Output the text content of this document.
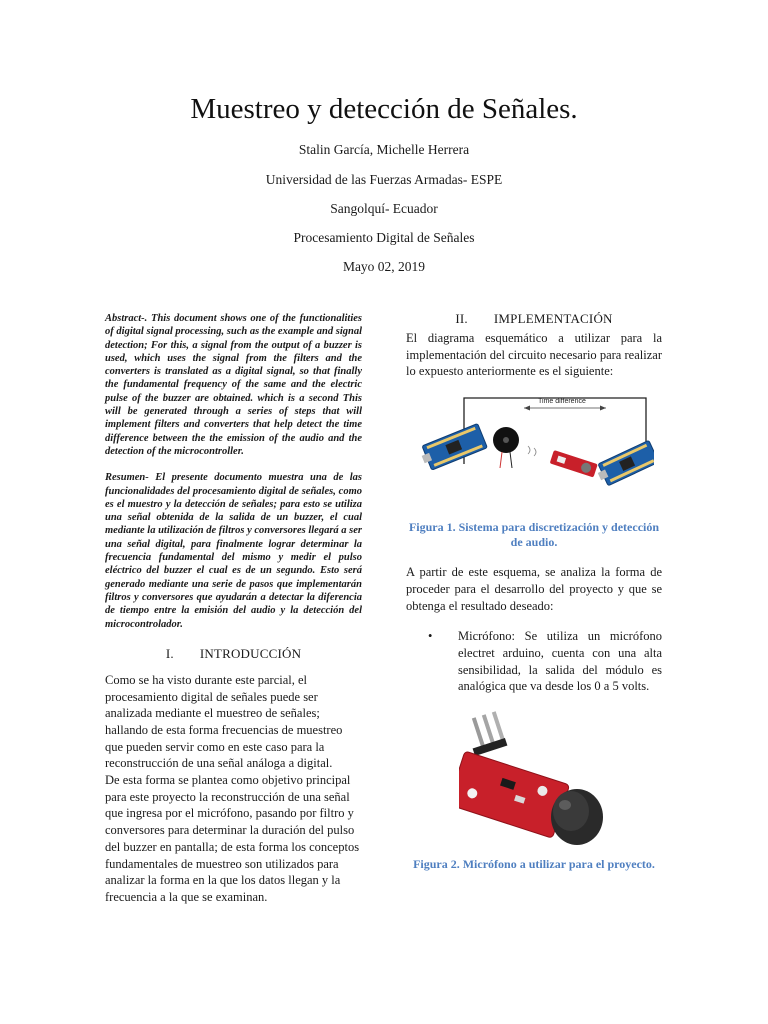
Muestreo y detección de Señales.
Stalin García, Michelle Herrera
Universidad de las Fuerzas Armadas- ESPE
Sangolquí- Ecuador
Procesamiento Digital de Señales
Mayo 02, 2019

Abstract-. This document shows one of the functionalities of digital signal processing, such as the example and signal detection; For this, a signal from the output of a buzzer is used, which uses the signal from the filters and the converters is translated as a digital signal, so that finally the fundamental frequency of the same and the electric pulse of the buzzer are obtained. which is a second This will be generated through a series of steps that will implement filters and converters that help detect the time difference between the the emission of the audio and the detection of the microcontroller.

Resumen- El presente documento muestra una de las funcionalidades del procesamiento digital de señales, como es el muestro y la detección de señales; para esto se utiliza una señal obtenida de la salida de un buzzer, el cual mediante la utilización de filtros y conversores llegará a ser una señal digital, para finalmente lograr determinar la frecuencia fundamental del mismo y medir el pulso eléctrico del buzzer el cual es de un segundo. Esto será generado mediante una serie de pasos que implementarán filtros y conversores que ayudarán a detectar la diferencia de tiempo entre la emisión del audio y la detección del microcontrolador.

I. INTRODUCCIÓN

Como se ha visto durante este parcial, el procesamiento digital de señales puede ser analizada mediante el muestreo de señales; hallando de esta forma frecuencias de muestreo que pueden servir como en este caso para la reconstrucción de una señal análoga a digital.

De esta forma se plantea como objetivo principal para este proyecto la reconstrucción de una señal que ingresa por el micrófono, pasando por filtro y conversores para determinar la duración del pulso del buzzer en pantalla; de esta forma los conceptos fundamentales de muestreo son utilizados para analizar la forma en la que los datos llegan y la frecuencia a la que se examinan.

II. IMPLEMENTACIÓN

El diagrama esquemático a utilizar para la implementación del circuito necesario para realizar lo expuesto anteriormente es el siguiente:

Time difference
Figura 1. Sistema para discretización y detección de audio.

A partir de este esquema, se analiza la forma de proceder para el desarrollo del proyecto y que se obtenga el resultado deseado:

• Micrófono: Se utiliza un micrófono electret arduino, cuenta con una alta sensibilidad, la salida del módulo es analógica que va desde los 0 a 5 volts.
Figura 2. Micrófono a utilizar para el proyecto.
